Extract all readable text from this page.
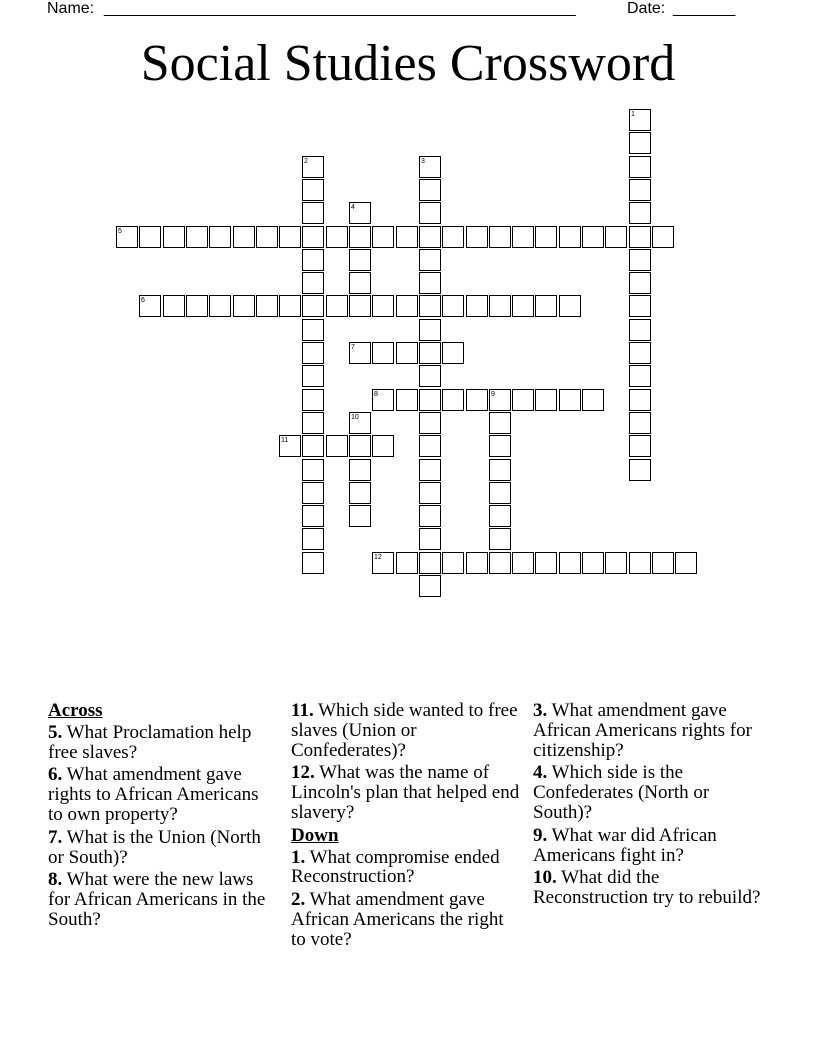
Name: _____________________________________________________	Date: _______
Social Studies Crossword
1
2	3
4
5
6
7
8	9
10
11
12
Across
5. What Proclamation help free slaves?
6. What amendment gave rights to African Americans to own property?
7. What is the Union (North or South)?
8. What were the new laws for African Americans in the South?
11. Which side wanted to free slaves (Union or Confederates)?
12. What was the name of Lincoln's plan that helped end slavery?
Down
1. What compromise ended Reconstruction?
2. What amendment gave African Americans the right to vote?
3. What amendment gave African Americans rights for citizenship?
4. Which side is the Confederates (North or South)?
9. What war did African Americans fight in?
10. What did the Reconstruction try to rebuild?
